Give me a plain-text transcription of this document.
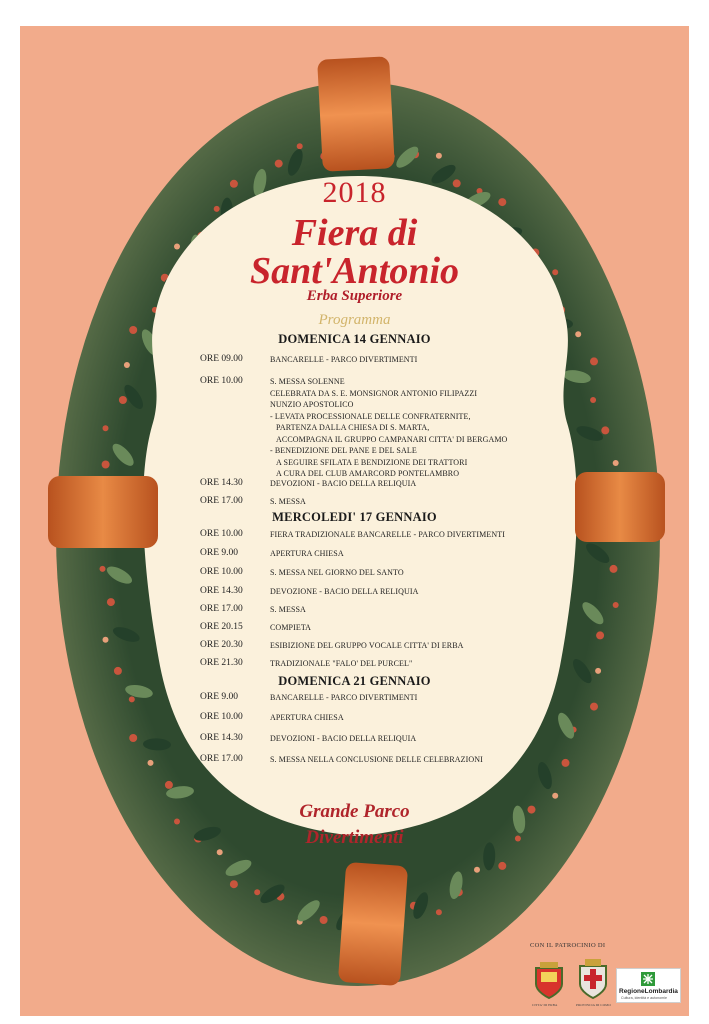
2018
Fiera di
Sant'Antonio
Erba Superiore
Programma
DOMENICA 14 GENNAIO
ORE 09.00	BANCARELLE - PARCO DIVERTIMENTI
ORE 10.00	S. MESSA SOLENNE
CELEBRATA DA S. E. MONSIGNOR ANTONIO FILIPAZZI
NUNZIO APOSTOLICO
- LEVATA PROCESSIONALE DELLE CONFRATERNITE,
PARTENZA DALLA CHIESA DI S. MARTA,
ACCOMPAGNA IL GRUPPO CAMPANARI CITTA' DI BERGAMO
- BENEDIZIONE DEL PANE E DEL SALE
A SEGUIRE SFILATA E BENDIZIONE DEI TRATTORI
A CURA DEL CLUB AMARCORD PONTELAMBRO
ORE 14.30	DEVOZIONI - BACIO DELLA RELIQUIA
ORE 17.00	S. MESSA
MERCOLEDI' 17 GENNAIO
ORE 10.00	FIERA TRADIZIONALE BANCARELLE - PARCO DIVERTIMENTI
ORE 9.00	APERTURA CHIESA
ORE 10.00	S. MESSA NEL GIORNO DEL SANTO
ORE 14.30	DEVOZIONE - BACIO DELLA RELIQUIA
ORE 17.00	S. MESSA
ORE 20.15	COMPIETA
ORE 20.30	ESIBIZIONE DEL GRUPPO VOCALE CITTA' DI ERBA
ORE 21.30	TRADIZIONALE "FALO' DEL PURCEL"
DOMENICA 21 GENNAIO
ORE 9.00	BANCARELLE - PARCO DIVERTIMENTI
ORE 10.00	APERTURA CHIESA
ORE 14.30	DEVOZIONI - BACIO DELLA RELIQUIA
ORE 17.00	S. MESSA NELLA CONCLUSIONE DELLE CELEBRAZIONI
Grande Parco
Divertimenti
CON IL PATROCINIO DI
CITTA' DI ERBA	PROVINCIA DI COMO
RegioneLombardia
Cultura, identità e autonomie
